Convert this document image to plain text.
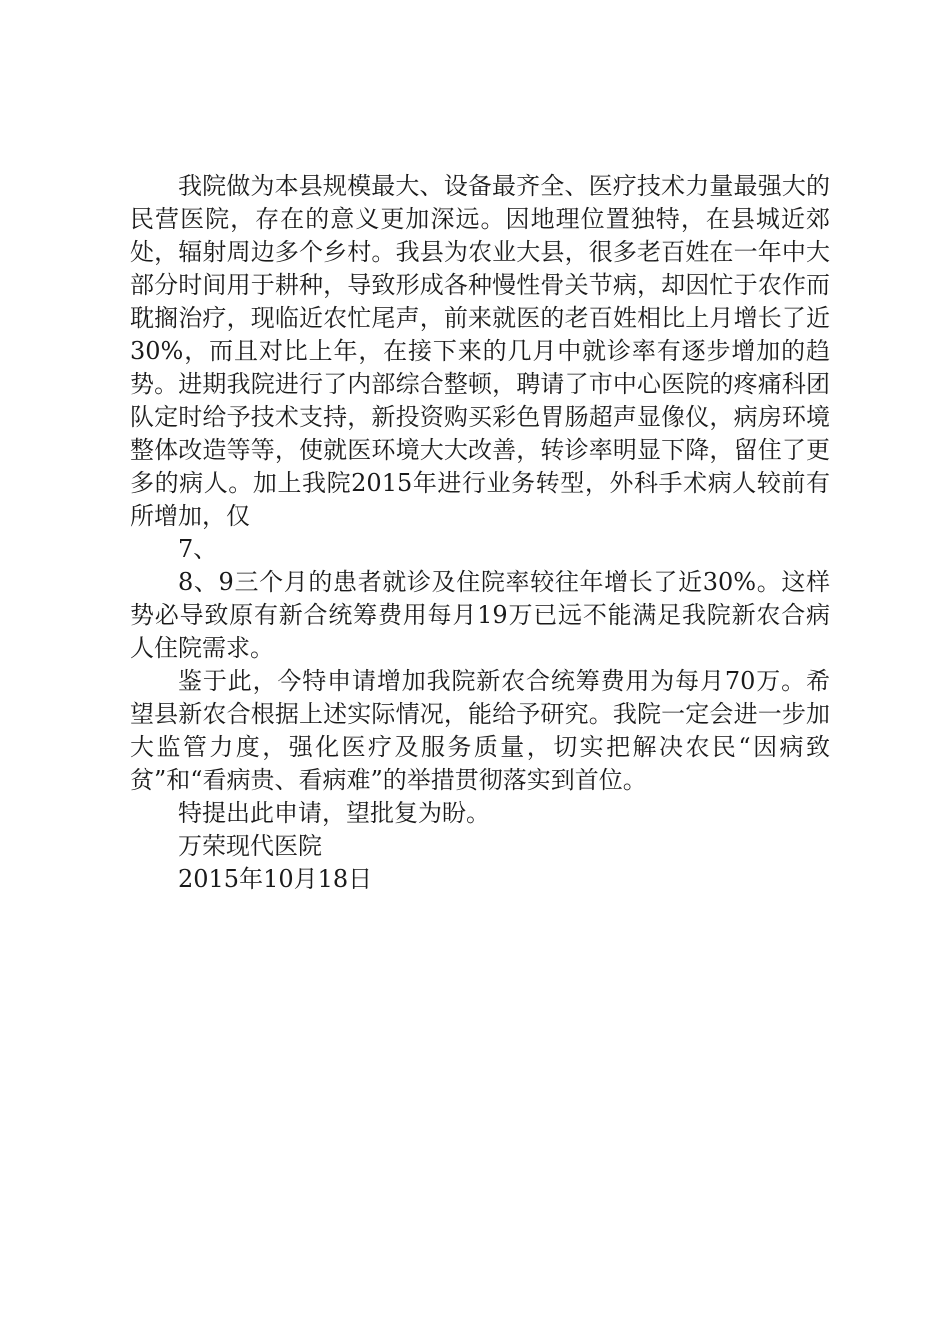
我院做为本县规模最大、设备最齐全、医疗技术力量最强大的民营医院，存在的意义更加深远。因地理位置独特，在县城近郊处，辐射周边多个乡村。我县为农业大县，很多老百姓在一年中大部分时间用于耕种，导致形成各种慢性骨关节病，却因忙于农作而耽搁治疗，现临近农忙尾声，前来就医的老百姓相比上月增长了近30%，而且对比上年，在接下来的几月中就诊率有逐步增加的趋势。进期我院进行了内部综合整顿，聘请了市中心医院的疼痛科团队定时给予技术支持，新投资购买彩色胃肠超声显像仪，病房环境整体改造等等，使就医环境大大改善，转诊率明显下降，留住了更多的病人。加上我院2015年进行业务转型，外科手术病人较前有所增加，仅

7、

8、9三个月的患者就诊及住院率较往年增长了近30%。这样势必导致原有新合统筹费用每月19万已远不能满足我院新农合病人住院需求。

鉴于此，今特申请增加我院新农合统筹费用为每月70万。希望县新农合根据上述实际情况，能给予研究。我院一定会进一步加大监管力度，强化医疗及服务质量，切实把解决农民“因病致贫”和“看病贵、看病难”的举措贯彻落实到首位。

特提出此申请，望批复为盼。

万荣现代医院

2015年10月18日
